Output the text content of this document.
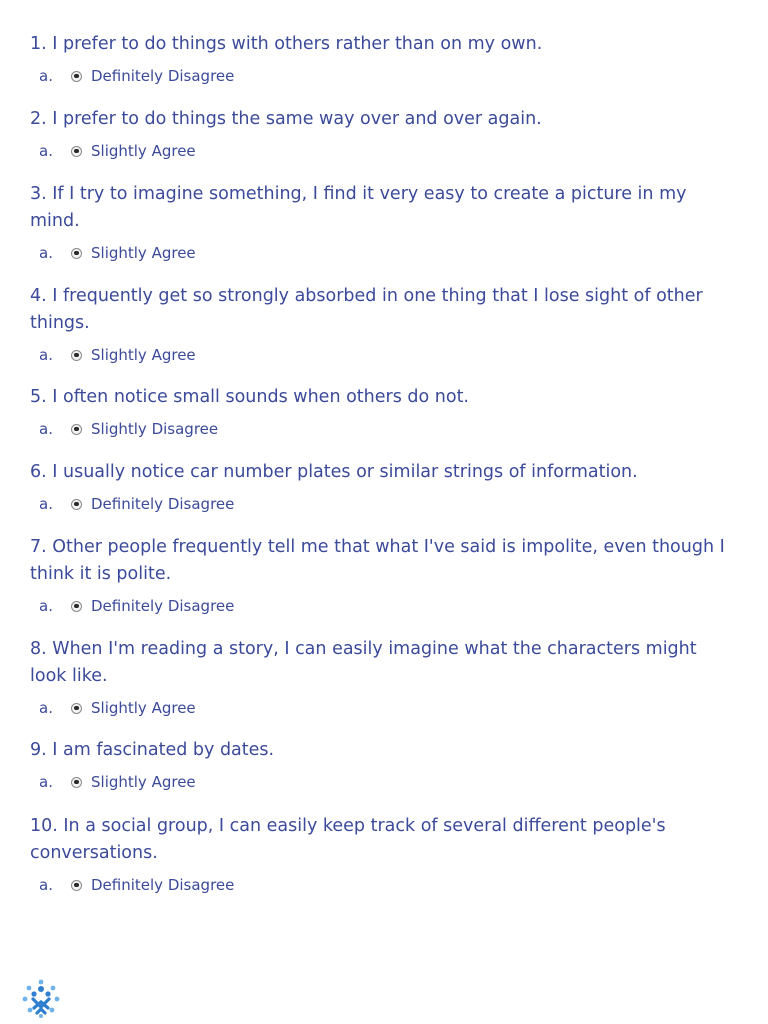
1. I prefer to do things with others rather than on my own.

a.	Definitely Disagree

2. I prefer to do things the same way over and over again.

a.	Slightly Agree

3. If I try to imagine something, I find it very easy to create a picture in my mind.

a.	Slightly Agree

4. I frequently get so strongly absorbed in one thing that I lose sight of other things.

a.	Slightly Agree

5. I often notice small sounds when others do not.

a.	Slightly Disagree

6. I usually notice car number plates or similar strings of information.

a.	Definitely Disagree

7. Other people frequently tell me that what I've said is impolite, even though I think it is polite.

a.	Definitely Disagree

8. When I'm reading a story, I can easily imagine what the characters might look like.

a.	Slightly Agree

9. I am fascinated by dates.

a.	Slightly Agree

10. In a social group, I can easily keep track of several different people's conversations.

a.	Definitely Disagree
